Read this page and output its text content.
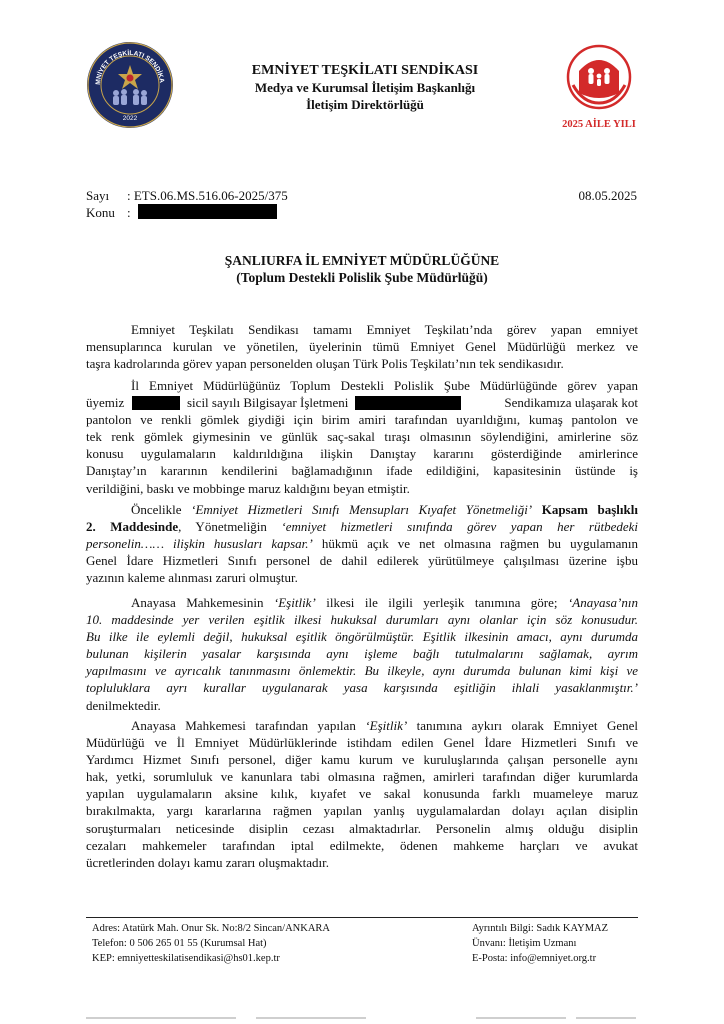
MNİYET TEŞKİLATI SENDİKA
2022
EMNİYET TEŞKİLATI SENDİKASI
Medya ve Kurumsal İletişim Başkanlığı
İletişim Direktörlüğü
2025 AİLE YILI
Sayı : ETS.06.MS.516.06-2025/375	08.05.2025
Konu :
ŞANLIURFA İL EMNİYET MÜDÜRLÜĞÜNE
(Toplum Destekli Polislik Şube Müdürlüğü)
Emniyet Teşkilatı Sendikası tamamı Emniyet Teşkilatı’nda görev yapan emniyet
mensuplarınca kurulan ve yönetilen, üyelerinin tümü Emniyet Genel Müdürlüğü merkez ve
taşra kadrolarında görev yapan personelden oluşan Türk Polis Teşkilatı’nın tek sendikasıdır.
İl Emniyet Müdürlüğünüz Toplum Destekli Polislik Şube Müdürlüğünde görev yapan
üyemiz	sicil sayılı Bilgisayar İşletmeni	Sendikamıza ulaşarak kot
pantolon ve renkli gömlek giydiği için birim amiri tarafından uyarıldığını, kumaş pantolon ve
tek renk gömlek giymesinin ve günlük saç-sakal tıraşı olmasının söylendiğini, amirlerine söz
konusu uygulamaların kaldırıldığına ilişkin Danıştay kararını gösterdiğinde amirlerince
Danıştay’ın kararının kendilerini bağlamadığının ifade edildiğini, kapasitesinin üstünde iş
verildiğini, baskı ve mobbinge maruz kaldığını beyan etmiştir.
Öncelikle ‘Emniyet Hizmetleri Sınıfı Mensupları Kıyafet Yönetmeliği’ Kapsam başlıklı
2. Maddesinde, Yönetmeliğin ‘emniyet hizmetleri sınıfında görev yapan her rütbedeki
personelin…… ilişkin hususları kapsar.’ hükmü açık ve net olmasına rağmen bu uygulamanın
Genel İdare Hizmetleri Sınıfı personel de dahil edilerek yürütülmeye çalışılması üzerine işbu
yazının kaleme alınması zaruri olmuştur.
Anayasa Mahkemesinin ‘Eşitlik’ ilkesi ile ilgili yerleşik tanımına göre; ‘Anayasa’nın
10. maddesinde yer verilen eşitlik ilkesi hukuksal durumları aynı olanlar için söz konusudur.
Bu ilke ile eylemli değil, hukuksal eşitlik öngörülmüştür. Eşitlik ilkesinin amacı, aynı durumda
bulunan kişilerin yasalar karşısında aynı işleme bağlı tutulmalarını sağlamak, ayrım
yapılmasını ve ayrıcalık tanınmasını önlemektir. Bu ilkeyle, aynı durumda bulunan kimi kişi ve
topluluklara ayrı kurallar uygulanarak yasa karşısında eşitliğin ihlali yasaklanmıştır.’
denilmektedir.
Anayasa Mahkemesi tarafından yapılan ‘Eşitlik’ tanımına aykırı olarak Emniyet Genel
Müdürlüğü ve İl Emniyet Müdürlüklerinde istihdam edilen Genel İdare Hizmetleri Sınıfı ve
Yardımcı Hizmet Sınıfı personel, diğer kamu kurum ve kuruluşlarında çalışan personelle aynı
hak, yetki, sorumluluk ve kanunlara tabi olmasına rağmen, amirleri tarafından diğer kurumlarda
yapılan uygulamaların aksine kılık, kıyafet ve sakal konusunda farklı muameleye maruz
bırakılmakta, yargı kararlarına rağmen yapılan yanlış uygulamalardan dolayı açılan disiplin
soruşturmaları neticesinde disiplin cezası almaktadırlar. Personelin almış olduğu disiplin
cezaları mahkemeler tarafından iptal edilmekte, ödenen mahkeme harçları ve avukat
ücretlerinden dolayı kamu zararı oluşmaktadır.
Adres: Atatürk Mah. Onur Sk. No:8/2 Sincan/ANKARA
Telefon: 0 506 265 01 55 (Kurumsal Hat)
KEP: emniyetteskilatisendikasi@hs01.kep.tr
Ayrıntılı Bilgi: Sadık KAYMAZ
Ünvanı: İletişim Uzmanı
E-Posta: info@emniyet.org.tr
